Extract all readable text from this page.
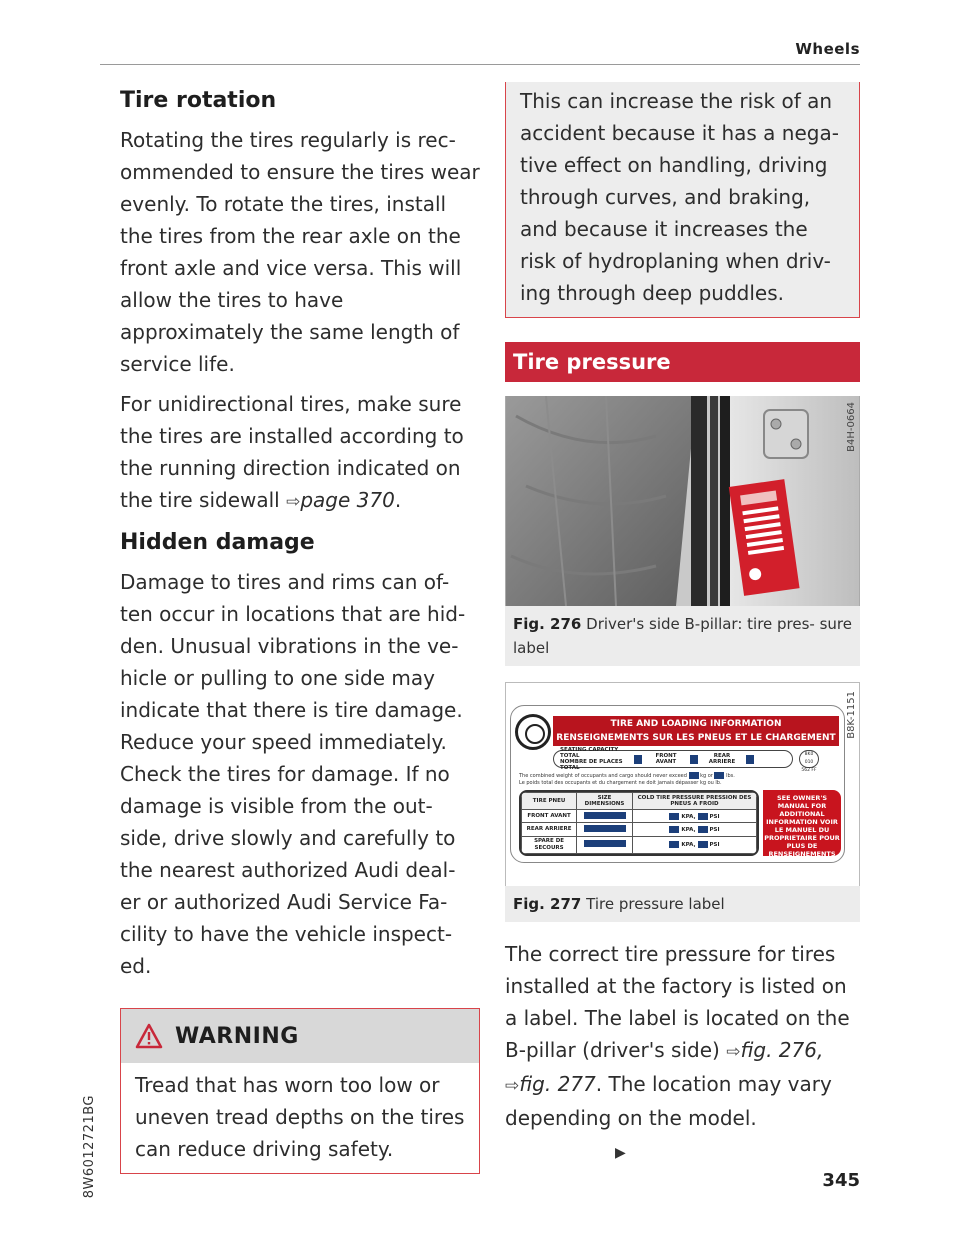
Wheels
Tire rotation

Rotating the tires regularly is rec- ommended to ensure the tires wear evenly. To rotate the tires, install the tires from the rear axle on the front axle and vice versa. This will allow the tires to have approximately the same length of service life.

For unidirectional tires, make sure the tires are installed according to the running direction indicated on the tire sidewall ⇨page 370.

Hidden damage

Damage to tires and rims can of- ten occur in locations that are hid- den. Unusual vibrations in the ve- hicle or pulling to one side may indicate that there is tire damage. Reduce your speed immediately. Check the tires for damage. If no damage is visible from the out- side, drive slowly and carefully to the nearest authorized Audi deal- er or authorized Audi Service Fa- cility to have the vehicle inspect- ed.

WARNING

Tread that has worn too low or uneven tread depths on the tires can reduce driving safety.

This can increase the risk of an accident because it has a nega- tive effect on handling, driving through curves, and braking, and because it increases the risk of hydroplaning when driv- ing through deep puddles.

Tire pressure
B4H-0664
Fig. 276 Driver's side B-pillar: tire pres- sure label
B8K-1151
TIRE AND LOADING INFORMATION
RENSEIGNEMENTS SUR LES PNEUS ET LE CHARGEMENT
SEATING CAPACITY TOTAL
NOMBRE DE PLACES TOTAL
FRONT AVANT
REAR ARRIERE
8K0 010 562 FF
The combined weight of occupants and cargo should never exceed	kg or	lbs.
Le poids total des occupants et du chargement ne doit jamais dépasser kg ou lb.
TIRE PNEU	SIZE DIMENSIONS	COLD TIRE PRESSURE PRESSION DES PNEUS A FROID
FRONT AVANT		KPA, PSI
REAR ARRIERE		KPA, PSI
SPARE DE SECOURS		KPA, PSI
SEE OWNER'S MANUAL FOR ADDITIONAL INFORMATION VOIR LE MANUEL DU PROPRIETAIRE POUR PLUS DE RENSEIGNEMENTS
Fig. 277 Tire pressure label

The correct tire pressure for tires installed at the factory is listed on a label. The label is located on the B-pillar (driver's side) ⇨fig. 276, ⇨fig. 277. The location may vary depending on the model.▶

8W6012721BG	345
